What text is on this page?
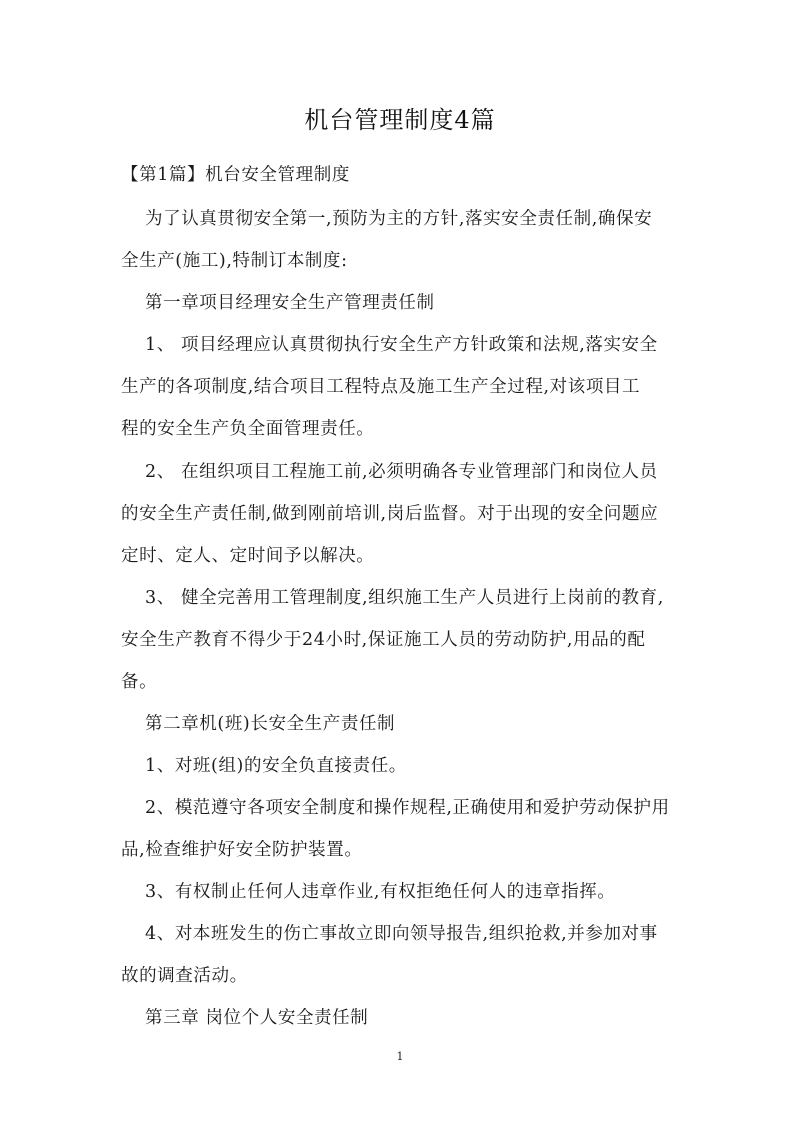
机台管理制度4篇
【第1篇】机台安全管理制度
为了认真贯彻安全第一,预防为主的方针,落实安全责任制,确保安
全生产(施工),特制订本制度:
第一章项目经理安全生产管理责任制
1、 项目经理应认真贯彻执行安全生产方针政策和法规,落实安全
生产的各项制度,结合项目工程特点及施工生产全过程,对该项目工
程的安全生产负全面管理责任。
2、 在组织项目工程施工前,必须明确各专业管理部门和岗位人员
的安全生产责任制,做到刚前培训,岗后监督。对于出现的安全问题应
定时、定人、定时间予以解决。
3、 健全完善用工管理制度,组织施工生产人员进行上岗前的教育,
安全生产教育不得少于24小时,保证施工人员的劳动防护,用品的配
备。
第二章机(班)长安全生产责任制
1、对班(组)的安全负直接责任。
2、模范遵守各项安全制度和操作规程,正确使用和爱护劳动保护用
品,检查维护好安全防护装置。
3、有权制止任何人违章作业,有权拒绝任何人的违章指挥。
4、对本班发生的伤亡事故立即向领导报告,组织抢救,并参加对事
故的调查活动。
第三章 岗位个人安全责任制
1
